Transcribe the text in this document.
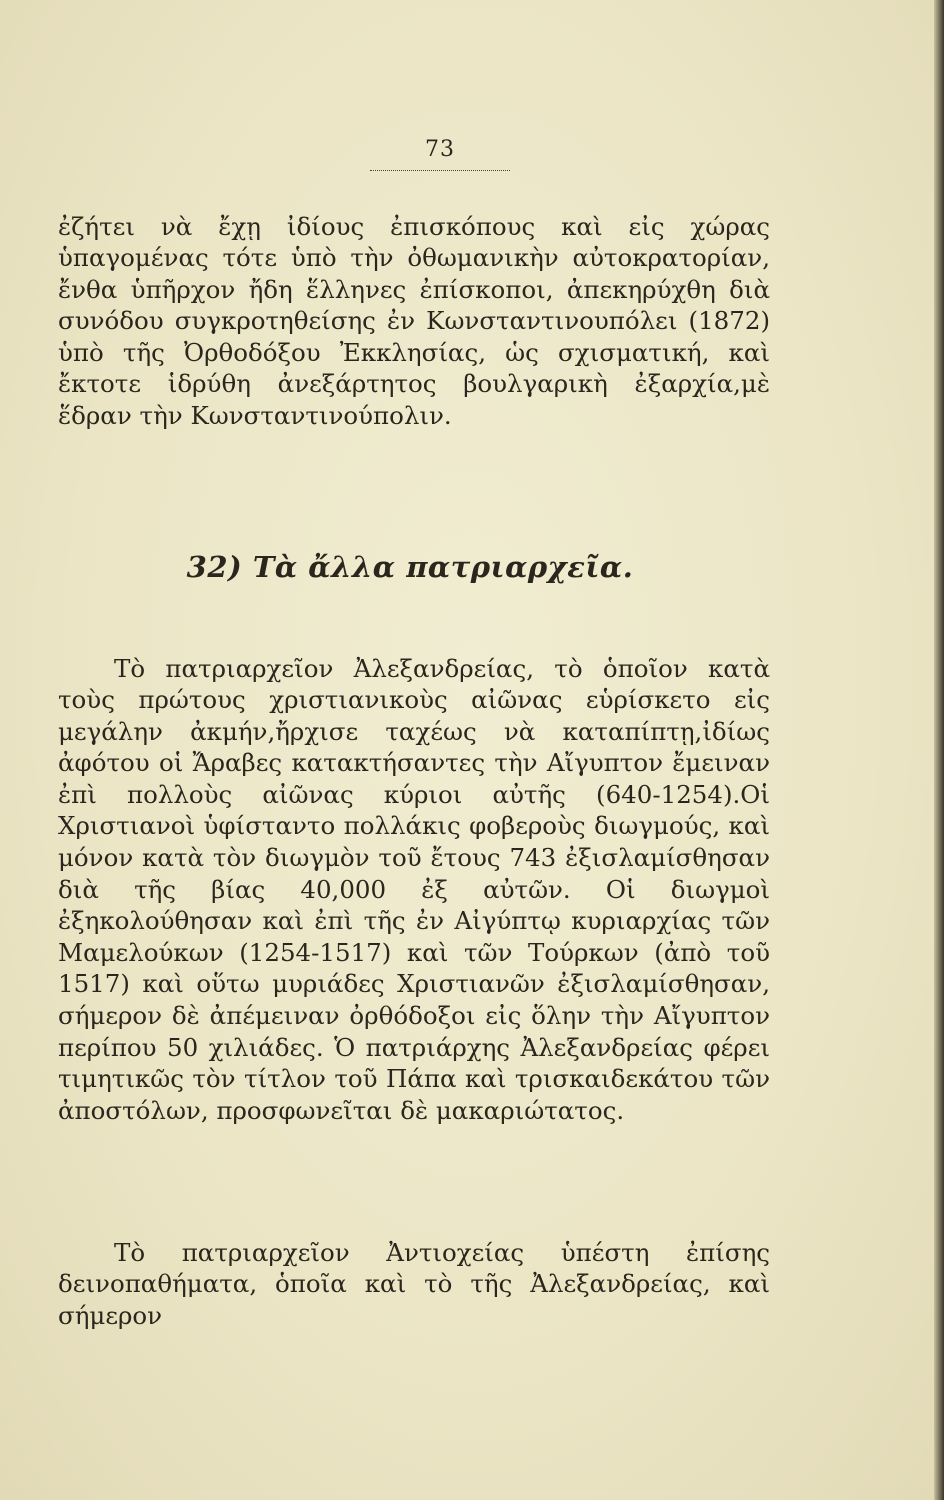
73

ἐζήτει νὰ ἔχῃ ἰδίους ἐπισκόπους καὶ εἰς χώρας ὑπαγομένας τότε ὑπὸ τὴν ὀθωμανικὴν αὐτοκρατορίαν, ἔνθα ὑπῆρχον ἤδη ἕλληνες ἐπίσκοποι, ἀπεκηρύχθη διὰ συνόδου συγκροτηθείσης ἐν Κωνσταντινουπόλει (1872) ὑπὸ τῆς Ὀρθοδόξου Ἐκκλησίας, ὡς σχισματική, καὶ ἔκτοτε ἱδρύθη ἀνεξάρτητος βουλγαρικὴ ἐξαρχία,μὲ ἕδραν τὴν Κωνσταντινούπολιν.

32) Τὰ ἄλλα πατριαρχεῖα.

Τὸ πατριαρχεῖον Ἀλεξανδρείας, τὸ ὁποῖον κατὰ τοὺς πρώτους χριστιανικοὺς αἰῶνας εὑρίσκετο εἰς μεγάλην ἀκμήν,ἤρχισε ταχέως νὰ καταπίπτῃ,ἰδίως ἀφότου οἱ Ἄραβες κατακτήσαντες τὴν Αἴγυπτον ἔμειναν ἐπὶ πολλοὺς αἰῶνας κύριοι αὐτῆς (640-1254).Οἱ Χριστιανοὶ ὑφίσταντο πολλάκις φοβεροὺς διωγμούς, καὶ μόνον κατὰ τὸν διωγμὸν τοῦ ἔτους 743 ἐξισλαμίσθησαν διὰ τῆς βίας 40,000 ἐξ αὐτῶν. Οἱ διωγμοὶ ἐξηκολούθησαν καὶ ἐπὶ τῆς ἐν Αἰγύπτῳ κυριαρχίας τῶν Μαμελούκων (1254-1517) καὶ τῶν Τούρκων (ἀπὸ τοῦ 1517) καὶ οὕτω μυριάδες Χριστιανῶν ἐξισλαμίσθησαν, σήμερον δὲ ἀπέμειναν ὀρθόδοξοι εἰς ὅλην τὴν Αἴγυπτον περίπου 50 χιλιάδες. Ὁ πατριάρχης Ἀλεξανδρείας φέρει τιμητικῶς τὸν τίτλον τοῦ Πάπα καὶ τρισκαιδεκάτου τῶν ἀποστόλων, προσφωνεῖται δὲ μακαριώτατος.

Τὸ πατριαρχεῖον Ἀντιοχείας ὑπέστη ἐπίσης δεινοπαθήματα, ὁποῖα καὶ τὸ τῆς Ἀλεξανδρείας, καὶ σήμερον
